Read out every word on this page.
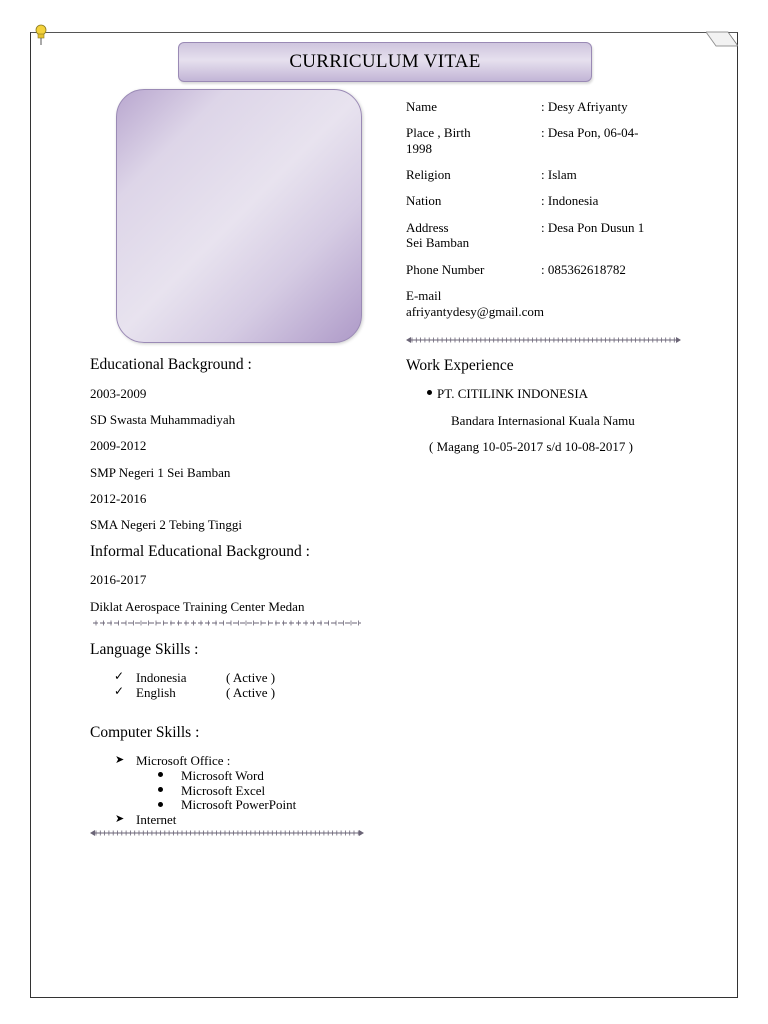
CURRICULUM VITAE
Name	: Desy Afriyanty
Place , Birth	: Desa Pon, 06-04-
1998
Religion	: Islam
Nation	: Indonesia
Address	: Desa Pon Dusun 1
Sei Bamban
Phone Number	: 085362618782
E-mail
afriyantydesy@gmail.com
Work Experience
PT. CITILINK INDONESIA
Bandara Internasional Kuala Namu
( Magang 10-05-2017 s/d 10-08-2017 )
Educational Background :
2003-2009
SD Swasta Muhammadiyah
2009-2012
SMP Negeri 1 Sei Bamban
2012-2016
SMA Negeri 2 Tebing Tinggi
Informal Educational Background :
2016-2017
Diklat Aerospace Training Center Medan
Language Skills :
✓ Indonesia	( Active )
✓ English	( Active )
Computer Skills :
➤ Microsoft Office :
Microsoft Word
Microsoft Excel
Microsoft PowerPoint
➤ Internet
